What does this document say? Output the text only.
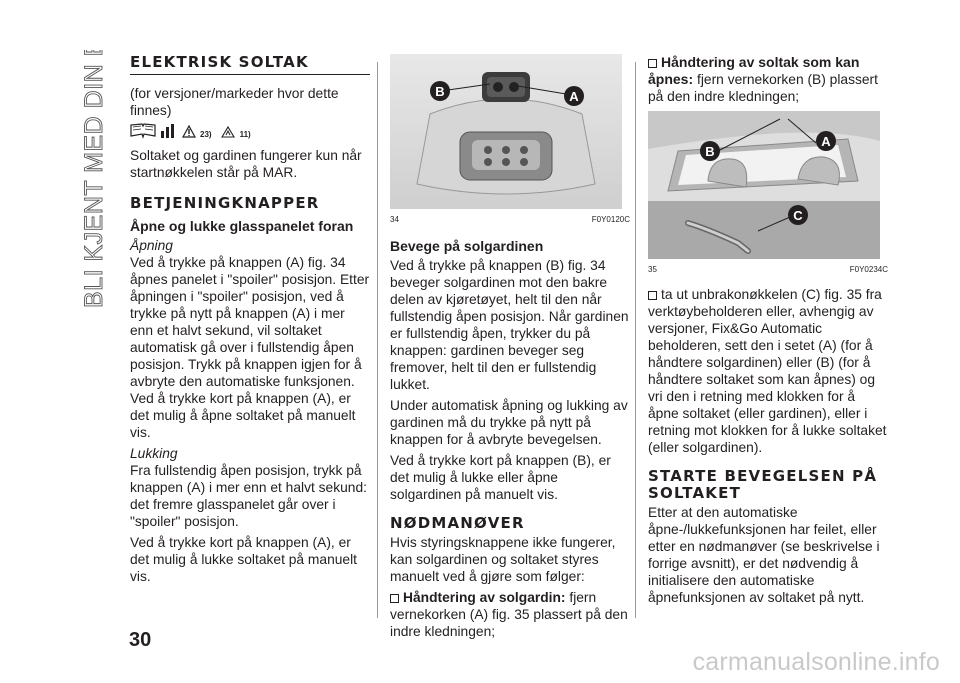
BLI KJENT MED DIN BIL ELEKTRISK SOLTAK

(for versjoner/markeder hvor dette finnes)

23)	11)

Soltaket og gardinen fungerer kun når startnøkkelen står på MAR.

BETJENINGKNAPPER
Åpne og lukke glasspanelet foran
Åpning

Ved å trykke på knappen (A) fig. 34 åpnes panelet i "spoiler" posisjon. Etter åpningen i "spoiler" posisjon, ved å trykke på nytt på knappen (A) i mer enn et halvt sekund, vil soltaket automatisk gå over i fullstendig åpen posisjon. Trykk på knappen igjen for å avbryte den automatiske funksjonen. Ved å trykke kort på knappen (A), er det mulig å åpne soltaket på manuelt vis.

Lukking

Fra fullstendig åpen posisjon, trykk på knappen (A) i mer enn et halvt sekund: det fremre glasspanelet går over i "spoiler" posisjon.

Ved å trykke kort på knappen (A), er det mulig å lukke soltaket på manuelt vis.

B	A
34	F0Y0120C
Bevege på solgardinen

Ved å trykke på knappen (B) fig. 34 beveger solgardinen mot den bakre delen av kjøretøyet, helt til den når fullstendig åpen posisjon. Når gardinen er fullstendig åpen, trykker du på knappen: gardinen beveger seg fremover, helt til den er fullstendig lukket.

Under automatisk åpning og lukking av gardinen må du trykke på nytt på knappen for å avbryte bevegelsen.

Ved å trykke kort på knappen (B), er det mulig å lukke eller åpne solgardinen på manuelt vis.

NØDMANØVER

Hvis styringsknappene ikke fungerer, kan solgardinen og soltaket styres manuelt ved å gjøre som følger:

Håndtering av solgardin: fjern vernekorken (A) fig. 35 plassert på den indre kledningen;

Håndtering av soltak som kan åpnes: fjern vernekorken (B) plassert på den indre kledningen;

B
A
C
35	F0Y0234C

ta ut unbrakonøkkelen (C) fig. 35 fra verktøybeholderen eller, avhengig av versjoner, Fix&Go Automatic beholderen, sett den i setet (A) (for å håndtere solgardinen) eller (B) (for å håndtere soltaket som kan åpnes) og vri den i retning med klokken for å åpne soltaket (eller gardinen), eller i retning mot klokken for å lukke soltaket (eller solgardinen).

STARTE BEVEGELSEN PÅ SOLTAKET

Etter at den automatiske åpne-/lukkefunksjonen har feilet, eller etter en nødmanøver (se beskrivelse i forrige avsnitt), er det nødvendig å initialisere den automatiske åpnefunksjonen av soltaket på nytt.

30
carmanualsonline.info
